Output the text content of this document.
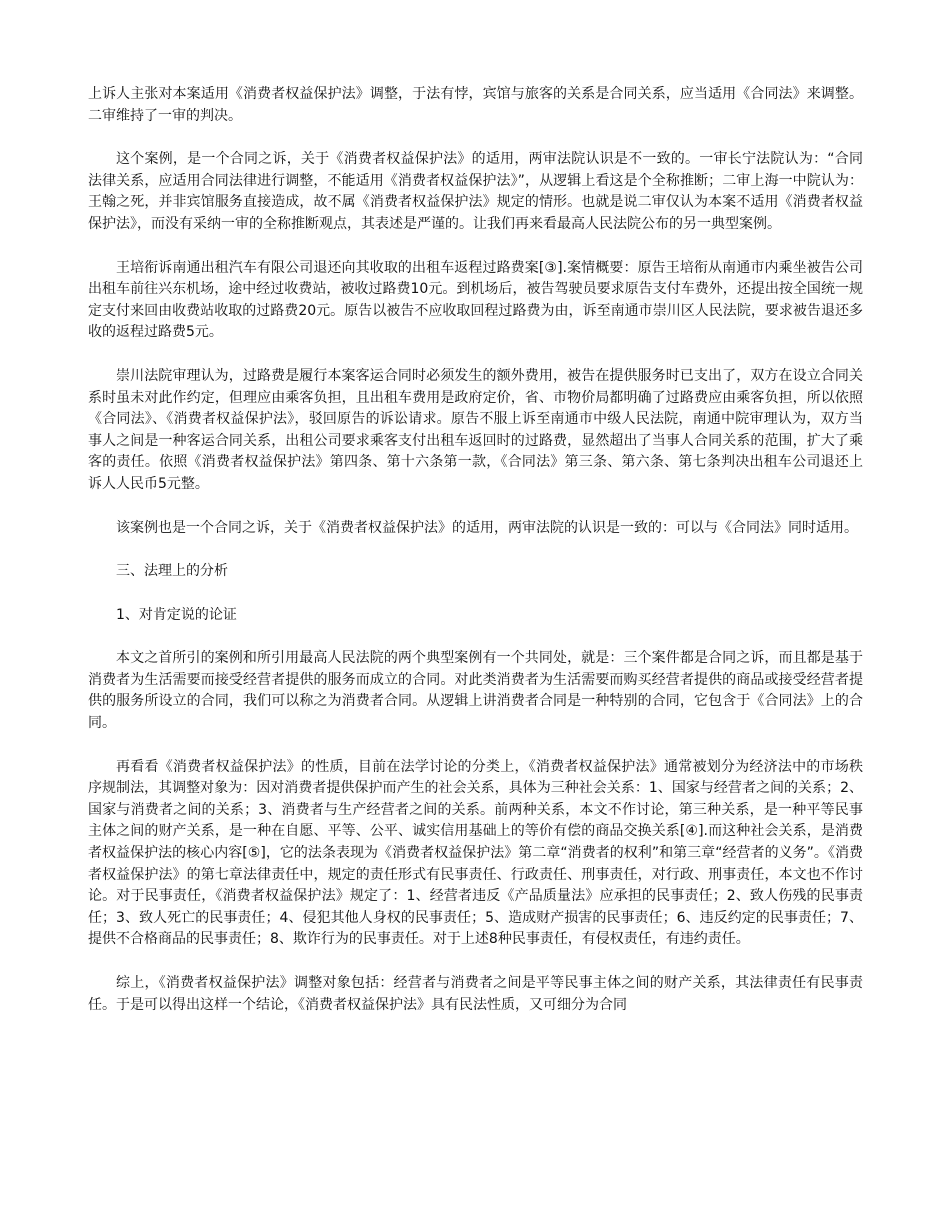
上诉人主张对本案适用《消费者权益保护法》调整，于法有悖，宾馆与旅客的关系是合同关系，应当适用《合同法》来调整。二审维持了一审的判决。

这个案例，是一个合同之诉，关于《消费者权益保护法》的适用，两审法院认识是不一致的。一审长宁法院认为：“合同法律关系，应适用合同法律进行调整，不能适用《消费者权益保护法》”，从逻辑上看这是个全称推断；二审上海一中院认为：王翰之死，并非宾馆服务直接造成，故不属《消费者权益保护法》规定的情形。也就是说二审仅认为本案不适用《消费者权益保护法》，而没有采纳一审的全称推断观点，其表述是严谨的。让我们再来看最高人民法院公布的另一典型案例。

王培衔诉南通出租汽车有限公司退还向其收取的出租车返程过路费案[③].案情概要：原告王培衔从南通市内乘坐被告公司出租车前往兴东机场，途中经过收费站，被收过路费10元。到机场后，被告驾驶员要求原告支付车费外，还提出按全国统一规定支付来回由收费站收取的过路费20元。原告以被告不应收取回程过路费为由，诉至南通市崇川区人民法院，要求被告退还多收的返程过路费5元。

崇川法院审理认为，过路费是履行本案客运合同时必须发生的额外费用，被告在提供服务时已支出了，双方在设立合同关系时虽未对此作约定，但理应由乘客负担，且出租车费用是政府定价，省、市物价局都明确了过路费应由乘客负担，所以依照《合同法》、《消费者权益保护法》，驳回原告的诉讼请求。原告不服上诉至南通市中级人民法院，南通中院审理认为，双方当事人之间是一种客运合同关系，出租公司要求乘客支付出租车返回时的过路费，显然超出了当事人合同关系的范围，扩大了乘客的责任。依照《消费者权益保护法》第四条、第十六条第一款，《合同法》第三条、第六条、第七条判决出租车公司退还上诉人人民币5元整。

该案例也是一个合同之诉，关于《消费者权益保护法》的适用，两审法院的认识是一致的：可以与《合同法》同时适用。

三、法理上的分析

1、对肯定说的论证

本文之首所引的案例和所引用最高人民法院的两个典型案例有一个共同处，就是：三个案件都是合同之诉，而且都是基于消费者为生活需要而接受经营者提供的服务而成立的合同。对此类消费者为生活需要而购买经营者提供的商品或接受经营者提供的服务所设立的合同，我们可以称之为消费者合同。从逻辑上讲消费者合同是一种特别的合同，它包含于《合同法》上的合同。

再看看《消费者权益保护法》的性质，目前在法学讨论的分类上，《消费者权益保护法》通常被划分为经济法中的市场秩序规制法，其调整对象为：因对消费者提供保护而产生的社会关系，具体为三种社会关系：1、国家与经营者之间的关系；2、国家与消费者之间的关系；3、消费者与生产经营者之间的关系。前两种关系，本文不作讨论，第三种关系，是一种平等民事主体之间的财产关系，是一种在自愿、平等、公平、诚实信用基础上的等价有偿的商品交换关系[④].而这种社会关系，是消费者权益保护法的核心内容[⑤]，它的法条表现为《消费者权益保护法》第二章“消费者的权利”和第三章“经营者的义务”。《消费者权益保护法》的第七章法律责任中，规定的责任形式有民事责任、行政责任、刑事责任，对行政、刑事责任，本文也不作讨论。对于民事责任，《消费者权益保护法》规定了：1、经营者违反《产品质量法》应承担的民事责任；2、致人伤残的民事责任；3、致人死亡的民事责任；4、侵犯其他人身权的民事责任；5、造成财产损害的民事责任；6、违反约定的民事责任；7、提供不合格商品的民事责任；8、欺诈行为的民事责任。对于上述8种民事责任，有侵权责任，有违约责任。

综上，《消费者权益保护法》调整对象包括：经营者与消费者之间是平等民事主体之间的财产关系，其法律责任有民事责任。于是可以得出这样一个结论，《消费者权益保护法》具有民法性质，又可细分为合同
